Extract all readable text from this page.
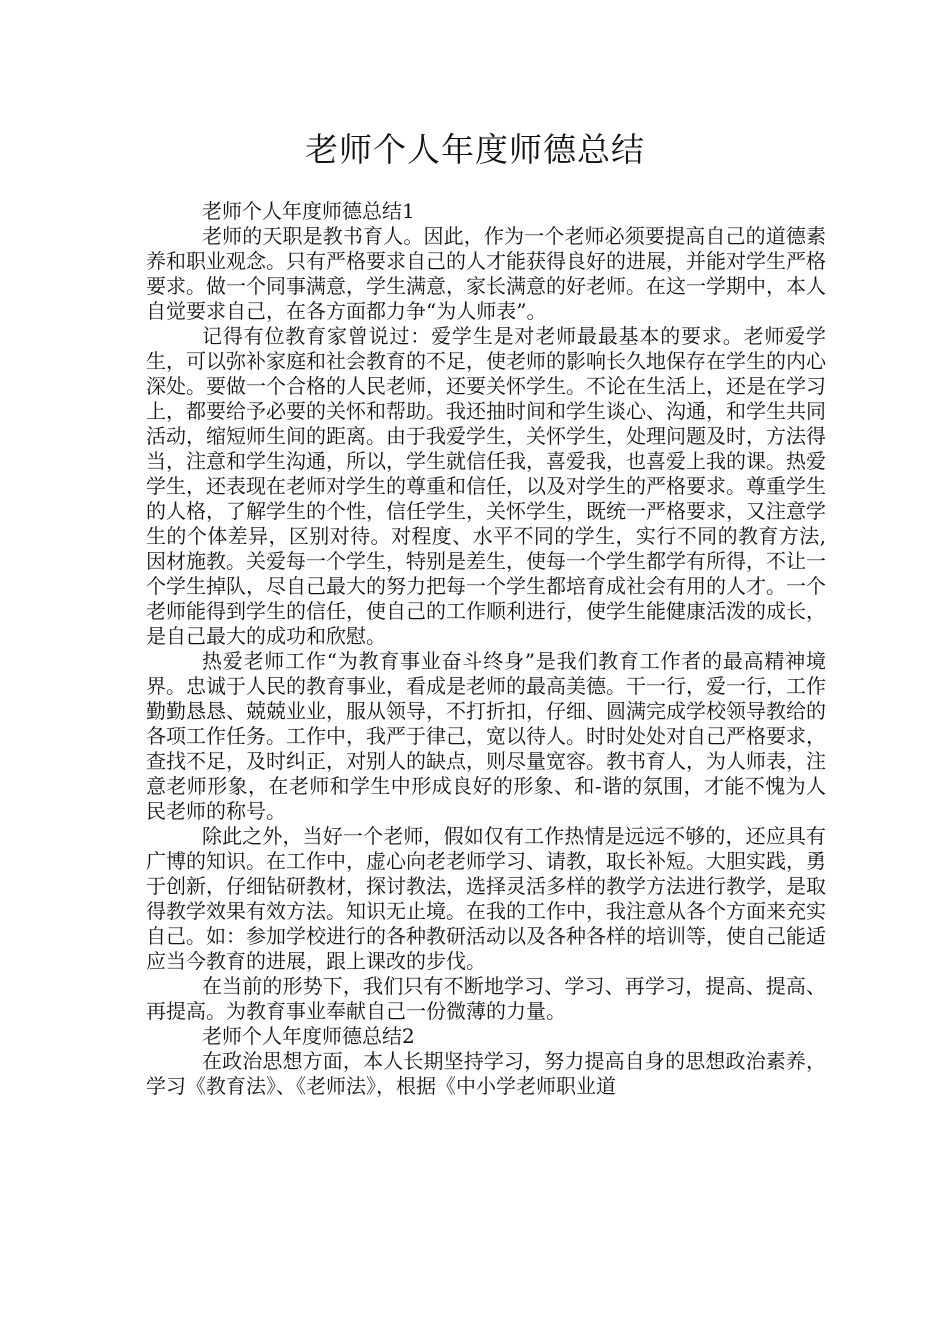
老师个人年度师德总结

老师个人年度师德总结1

老师的天职是教书育人。因此，作为一个老师必须要提高自己的道德素养和职业观念。只有严格要求自己的人才能获得良好的进展，并能对学生严格要求。做一个同事满意，学生满意，家长满意的好老师。在这一学期中，本人自觉要求自己，在各方面都力争“为人师表”。

记得有位教育家曾说过：爱学生是对老师最最基本的要求。老师爱学生，可以弥补家庭和社会教育的不足，使老师的影响长久地保存在学生的内心深处。要做一个合格的人民老师，还要关怀学生。不论在生活上，还是在学习上，都要给予必要的关怀和帮助。我还抽时间和学生谈心、沟通，和学生共同活动，缩短师生间的距离。由于我爱学生，关怀学生，处理问题及时，方法得当，注意和学生沟通，所以，学生就信任我，喜爱我，也喜爱上我的课。热爱学生，还表现在老师对学生的尊重和信任，以及对学生的严格要求。尊重学生的人格，了解学生的个性，信任学生，关怀学生，既统一严格要求，又注意学生的个体差异，区别对待。对程度、水平不同的学生，实行不同的教育方法,因材施教。关爱每一个学生，特别是差生，使每一个学生都学有所得，不让一个学生掉队，尽自己最大的努力把每一个学生都培育成社会有用的人才。一个老师能得到学生的信任，使自己的工作顺利进行，使学生能健康活泼的成长，是自己最大的成功和欣慰。

热爱老师工作“为教育事业奋斗终身”是我们教育工作者的最高精神境界。忠诚于人民的教育事业，看成是老师的最高美德。干一行，爱一行，工作勤勤恳恳、兢兢业业，服从领导，不打折扣，仔细、圆满完成学校领导教给的各项工作任务。工作中，我严于律己，宽以待人。时时处处对自己严格要求，查找不足，及时纠正，对别人的缺点，则尽量宽容。教书育人，为人师表，注意老师形象，在老师和学生中形成良好的形象、和-谐的氛围，才能不愧为人民老师的称号。

除此之外，当好一个老师，假如仅有工作热情是远远不够的，还应具有广博的知识。在工作中，虚心向老老师学习、请教，取长补短。大胆实践，勇于创新，仔细钻研教材，探讨教法，选择灵活多样的教学方法进行教学，是取得教学效果有效方法。知识无止境。在我的工作中，我注意从各个方面来充实自己。如：参加学校进行的各种教研活动以及各种各样的培训等，使自己能适应当今教育的进展，跟上课改的步伐。

在当前的形势下，我们只有不断地学习、学习、再学习，提高、提高、再提高。为教育事业奉献自己一份微薄的力量。

老师个人年度师德总结2

在政治思想方面，本人长期坚持学习，努力提高自身的思想政治素养，学习《教育法》、《老师法》，根据《中小学老师职业道
